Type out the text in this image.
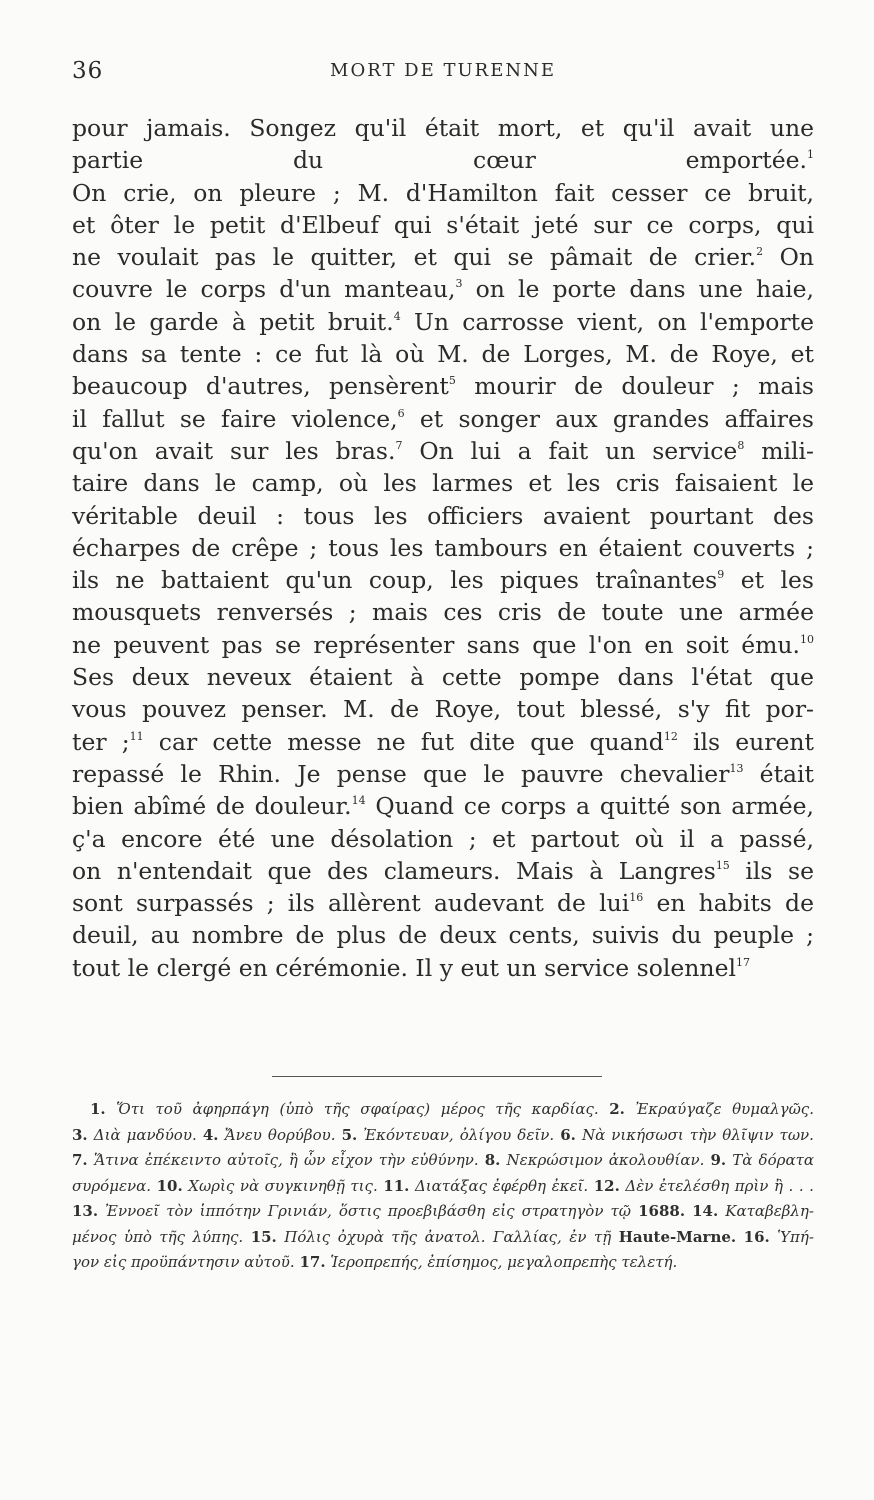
36	MORT DE TURENNE
pour jamais. Songez qu'il était mort, et qu'il avait une
partie du cœur emportée.$^1$
On crie, on pleure ; M. d'Hamilton fait cesser ce bruit,
et ôter le petit d'Elbeuf qui s'était jeté sur ce corps, qui
ne voulait pas le quitter, et qui se pâmait de crier.$^2$ On
couvre le corps d'un manteau,$^3$ on le porte dans une haie,
on le garde à petit bruit.$^4$ Un carrosse vient, on l'emporte
dans sa tente : ce fut là où M. de Lorges, M. de Roye, et
beaucoup d'autres, pensèrent$^5$ mourir de douleur ; mais
il fallut se faire violence,$^6$ et songer aux grandes affaires
qu'on avait sur les bras.$^7$ On lui a fait un service$^8$ mili-
taire dans le camp, où les larmes et les cris faisaient le
véritable deuil : tous les officiers avaient pourtant des
écharpes de crêpe ; tous les tambours en étaient couverts ;
ils ne battaient qu'un coup, les piques traînantes$^9$ et les
mousquets renversés ; mais ces cris de toute une armée
ne peuvent pas se représenter sans que l'on en soit ému.$^{10}$
Ses deux neveux étaient à cette pompe dans l'état que
vous pouvez penser. M. de Roye, tout blessé, s'y fit por-
ter ;$^{11}$ car cette messe ne fut dite que quand$^{12}$ ils eurent
repassé le Rhin. Je pense que le pauvre chevalier$^{13}$ était
bien abîmé de douleur.$^{14}$ Quand ce corps a quitté son armée,
ç'a encore été une désolation ; et partout où il a passé,
on n'entendait que des clameurs. Mais à Langres$^{15}$ ils se
sont surpassés ; ils allèrent audevant de lui$^{16}$ en habits de
deuil, au nombre de plus de deux cents, suivis du peuple ;
tout le clergé en cérémonie. Il y eut un service solennel$^{17}$
1. Ὅτι τοῦ ἀφηρπάγη (ὑπὸ τῆς σφαίρας) μέρος τῆς καρδίας. 2. Ἐκραύγαζε θυμαλγῶς.
3. Διὰ μανδύου. 4. Ἄνευ θορύβου. 5. Ἐκόντευαν, ὀλίγου δεῖν. 6. Νὰ νικήσωσι τὴν θλῖψιν των.
7. Ἅτινα ἐπέκειντο αὐτοῖς, ἢ ὧν εἶχον τὴν εὐθύνην. 8. Νεκρώσιμον ἀκολουθίαν. 9. Τὰ δόρατα
συρόμενα. 10. Χωρὶς νὰ συγκινηθῇ τις. 11. Διατάξας ἐφέρθη ἐκεῖ. 12. Δὲν ἐτελέσθη πρὶν ἢ . . .
13. Ἐννοεῖ τὸν ἱππότην Γρινιάν, ὅστις προεβιβάσθη εἰς στρατηγὸν τῷ 1688. 14. Καταβεβλη-
μένος ὑπὸ τῆς λύπης. 15. Πόλις ὀχυρὰ τῆς ἀνατολ. Γαλλίας, ἐν τῇ Haute-Marne. 16. Ὑπή-
γον εἰς προϋπάντησιν αὐτοῦ. 17. Ἱεροπρεπής, ἐπίσημος, μεγαλοπρεπὴς τελετή.
